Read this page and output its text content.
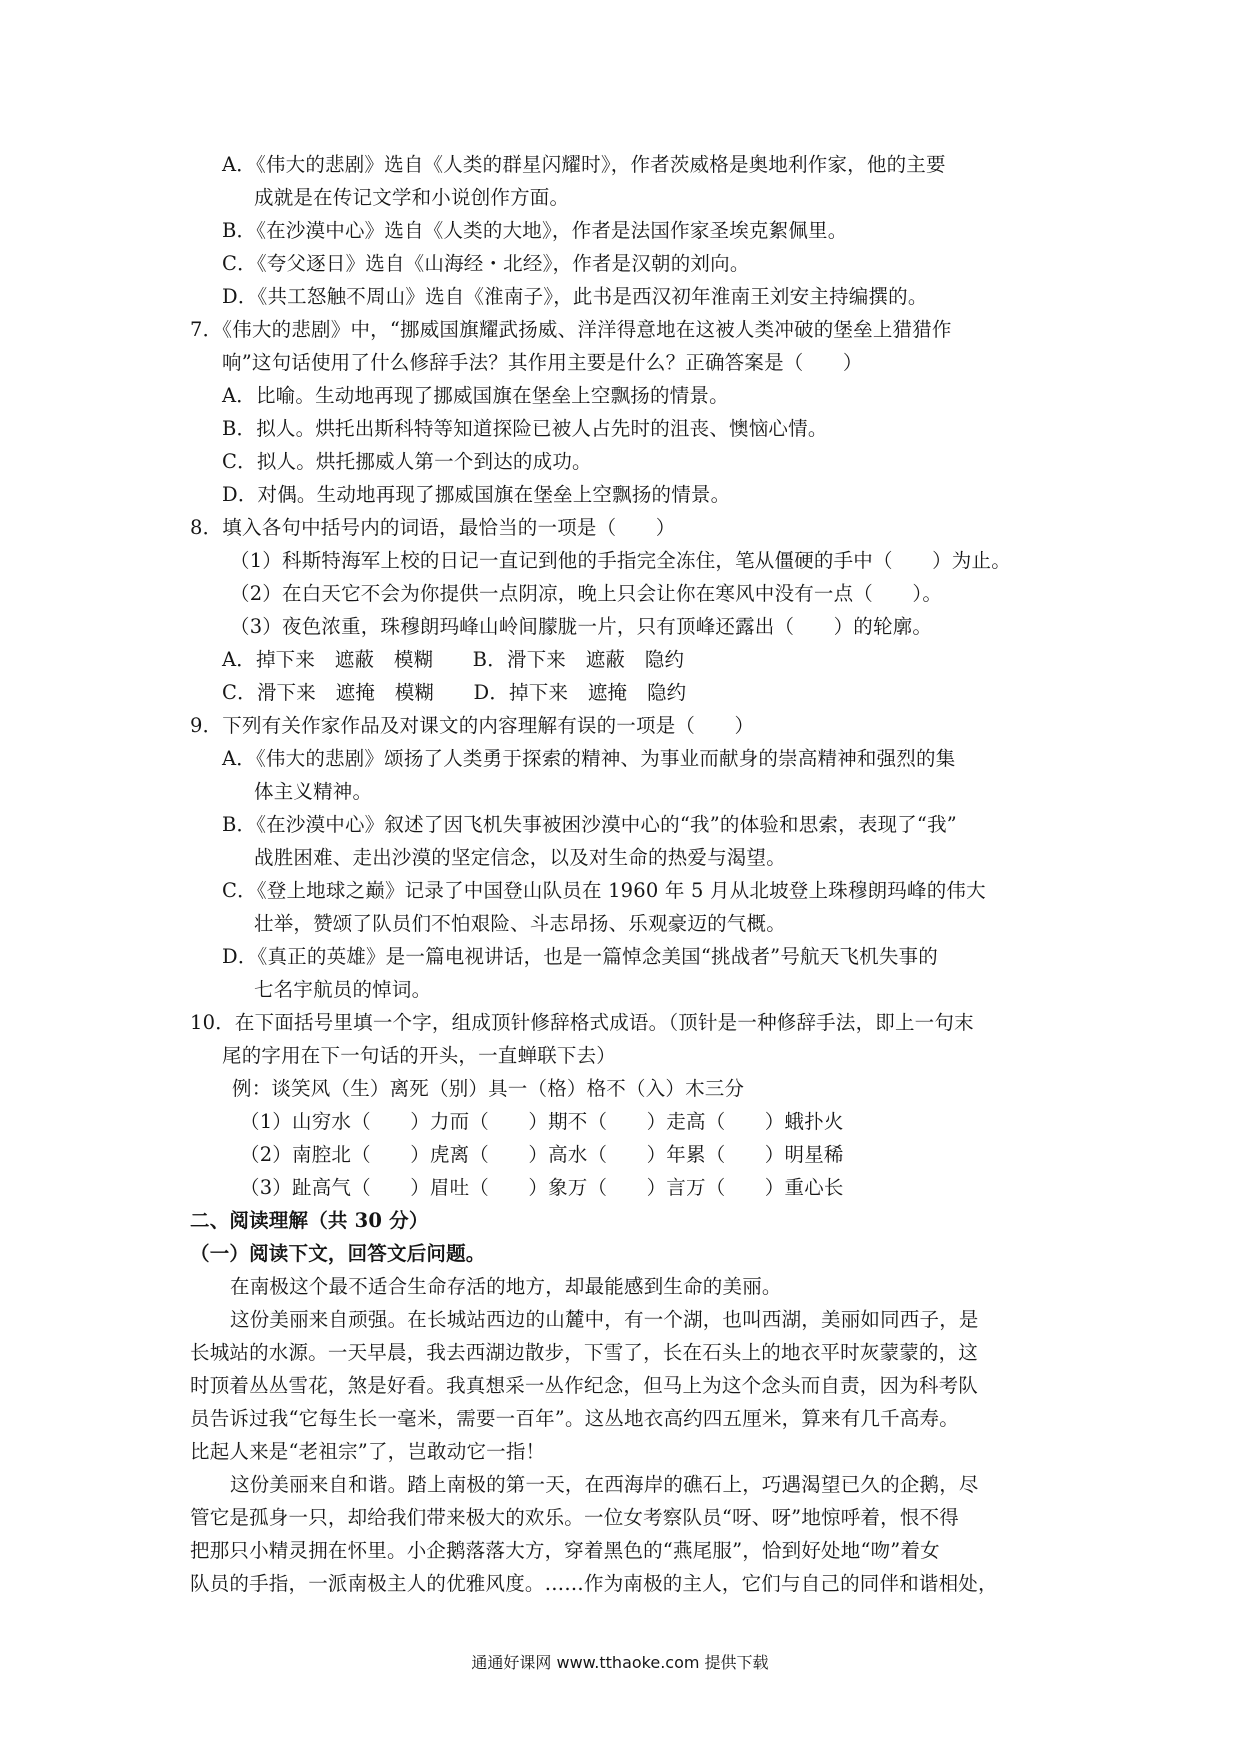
A．《伟大的悲剧》选自《人类的群星闪耀时》，作者茨威格是奥地利作家，他的主要
成就是在传记文学和小说创作方面。
B．《在沙漠中心》选自《人类的大地》，作者是法国作家圣埃克絮佩里。
C．《夸父逐日》选自《山海经・北经》，作者是汉朝的刘向。
D．《共工怒触不周山》选自《淮南子》，此书是西汉初年淮南王刘安主持编撰的。
7．《伟大的悲剧》中，“挪威国旗耀武扬威、洋洋得意地在这被人类冲破的堡垒上猎猎作
响”这句话使用了什么修辞手法？其作用主要是什么？正确答案是（　　）
A．比喻。生动地再现了挪威国旗在堡垒上空飘扬的情景。
B．拟人。烘托出斯科特等知道探险已被人占先时的沮丧、懊恼心情。
C．拟人。烘托挪威人第一个到达的成功。
D．对偶。生动地再现了挪威国旗在堡垒上空飘扬的情景。
8．填入各句中括号内的词语，最恰当的一项是（　　）
（1）科斯特海军上校的日记一直记到他的手指完全冻住，笔从僵硬的手中（　　）为止。
（2）在白天它不会为你提供一点阴凉，晚上只会让你在寒风中没有一点（　　）。
（3）夜色浓重，珠穆朗玛峰山岭间朦胧一片，只有顶峰还露出（　　）的轮廓。
A．掉下来　遮蔽　模糊　　B．滑下来　遮蔽　隐约
C．滑下来　遮掩　模糊　　D．掉下来　遮掩　隐约
9．下列有关作家作品及对课文的内容理解有误的一项是（　　）
A．《伟大的悲剧》颂扬了人类勇于探索的精神、为事业而献身的崇高精神和强烈的集
体主义精神。
B．《在沙漠中心》叙述了因飞机失事被困沙漠中心的“我”的体验和思索，表现了“我”
战胜困难、走出沙漠的坚定信念，以及对生命的热爱与渴望。
C．《登上地球之巅》记录了中国登山队员在 1960 年 5 月从北坡登上珠穆朗玛峰的伟大
壮举，赞颂了队员们不怕艰险、斗志昂扬、乐观豪迈的气概。
D．《真正的英雄》是一篇电视讲话，也是一篇悼念美国“挑战者”号航天飞机失事的
七名宇航员的悼词。
10．在下面括号里填一个字，组成顶针修辞格式成语。（顶针是一种修辞手法，即上一句末
尾的字用在下一句话的开头，一直蝉联下去）
例：谈笑风（生）离死（别）具一（格）格不（入）木三分
（1）山穷水（　　）力而（　　）期不（　　）走高（　　）蛾扑火
（2）南腔北（　　）虎离（　　）高水（　　）年累（　　）明星稀
（3）趾高气（　　）眉吐（　　）象万（　　）言万（　　）重心长
二、阅读理解（共 30 分）
（一）阅读下文，回答文后问题。
在南极这个最不适合生命存活的地方，却最能感到生命的美丽。
这份美丽来自顽强。在长城站西边的山麓中，有一个湖，也叫西湖，美丽如同西子，是
长城站的水源。一天早晨，我去西湖边散步，下雪了，长在石头上的地衣平时灰蒙蒙的，这
时顶着丛丛雪花，煞是好看。我真想采一丛作纪念，但马上为这个念头而自责，因为科考队
员告诉过我“它每生长一毫米，需要一百年”。这丛地衣高约四五厘米，算来有几千高寿。
比起人来是“老祖宗”了，岂敢动它一指！
这份美丽来自和谐。踏上南极的第一天，在西海岸的礁石上，巧遇渴望已久的企鹅，尽
管它是孤身一只，却给我们带来极大的欢乐。一位女考察队员“呀、呀”地惊呼着，恨不得
把那只小精灵拥在怀里。小企鹅落落大方，穿着黑色的“燕尾服”，恰到好处地“吻”着女
队员的手指，一派南极主人的优雅风度。……作为南极的主人，它们与自己的同伴和谐相处，
通通好课网 www.tthaoke.com 提供下载
